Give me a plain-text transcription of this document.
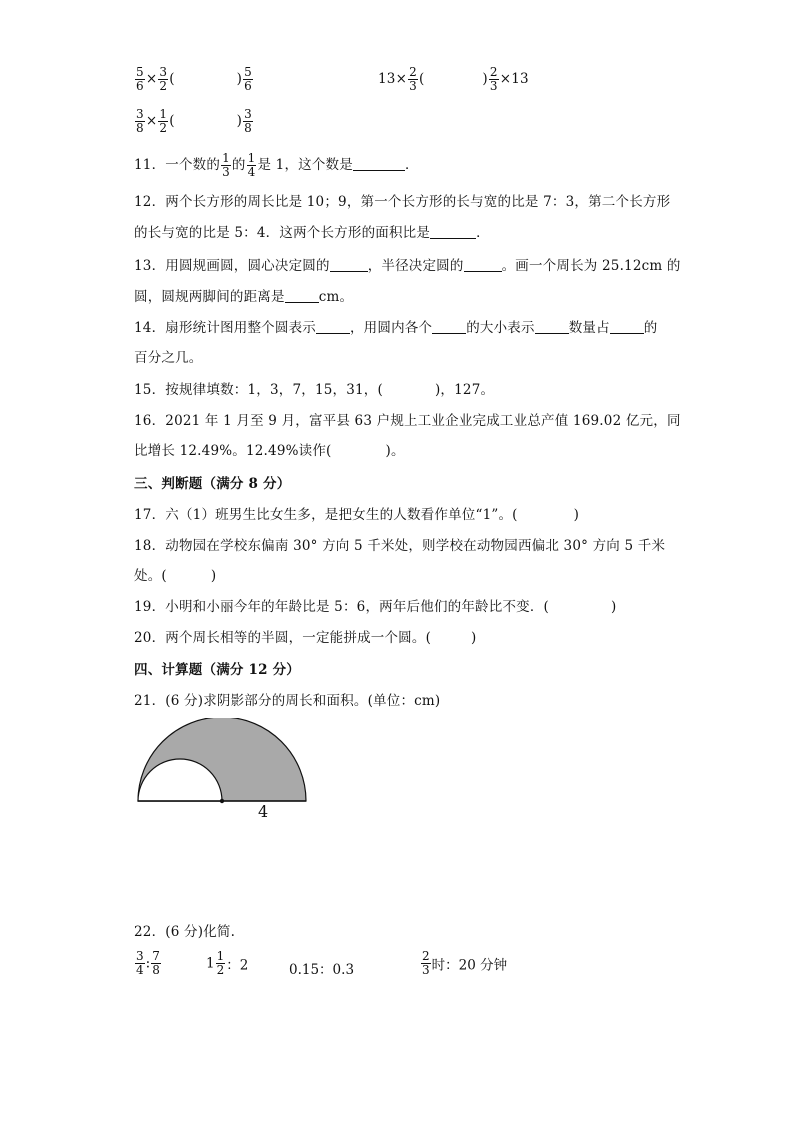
$\frac{5}{6} \times \frac{3}{2}$ (	) $\frac{5}{6}$	$13\times \frac{2}{3}$ (	) $\frac{2}{3} \times 13$
$\frac{3}{8} \times \frac{1}{2}$ (	) $\frac{3}{8}$
11．一个数的 $\frac{1}{3}$ 的 $\frac{1}{4}$ 是 1，这个数是	．
12．两个长方形的周长比是 10；9，第一个长方形的长与宽的比是 7：3，第二个长方形
的长与宽的比是 5：4．这两个长方形的面积比是	．
13．用圆规画圆，圆心决定圆的	，半径决定圆的	。画一个周长为 25.12cm 的
圆，圆规两脚间的距离是	cm。
14．扇形统计图用整个圆表示	，用圆内各个	的大小表示	数量占	的
百分之几。
15．按规律填数：1，3，7，15，31，(	)，127。
16．2021 年 1 月至 9 月，富平县 63 户规上工业企业完成工业总产值 169.02 亿元，同
比增长 12.49%。12.49%读作(	)。
三、判断题（满分 8 分）
17．六（1）班男生比女生多，是把女生的人数看作单位“1”。(	)
18．动物园在学校东偏南 30° 方向 5 千米处，则学校在动物园西偏北 30° 方向 5 千米
处。(	)
19．小明和小丽今年的年龄比是 5：6，两年后他们的年龄比不变．(	)
20．两个周长相等的半圆，一定能拼成一个圆。(	)
四、计算题（满分 12 分）
21．(6 分)求阴影部分的周长和面积。(单位：cm)
4
22．(6 分)化简.
$\frac{3}{4}$ : $\frac{7}{8}$	$1 \frac{1}{2}$ ：2	0.15：0.3	$\frac{2}{3}$ 时：20 分钟
